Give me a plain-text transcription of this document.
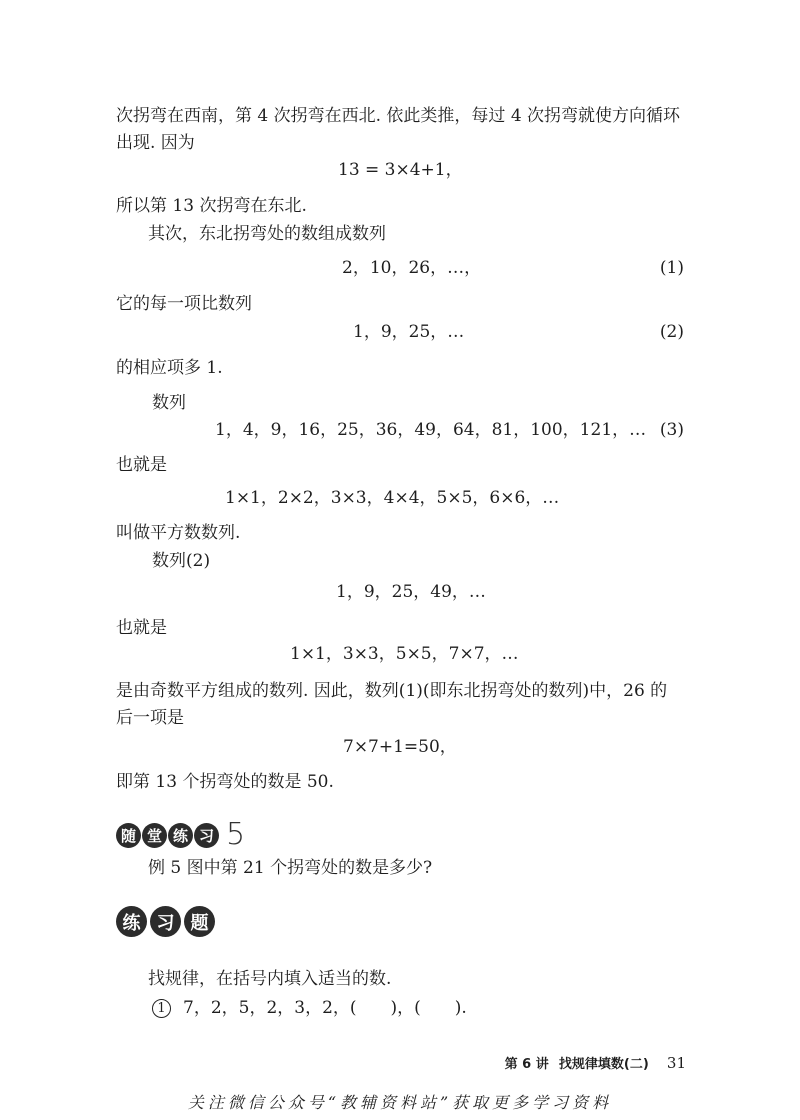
次拐弯在西南，第 4 次拐弯在西北. 依此类推，每过 4 次拐弯就使方向循环
出现. 因为
13 = 3×4+1，
所以第 13 次拐弯在东北.
其次，东北拐弯处的数组成数列
2，10，26，…，	(1)
它的每一项比数列
1，9，25，…	(2)
的相应项多 1.
数列
1，4，9，16，25，36，49，64，81，100，121，… (3)
也就是
1×1，2×2，3×3，4×4，5×5，6×6，…
叫做平方数数列.
数列(2)
1，9，25，49，…
也就是
1×1，3×3，5×5，7×7，…
是由奇数平方组成的数列. 因此，数列(1)(即东北拐弯处的数列)中，26 的
后一项是
7×7+1=50，
即第 13 个拐弯处的数是 50.
随 堂 练 习 5
例 5 图中第 21 个拐弯处的数是多少?
练 习 题
找规律，在括号内填入适当的数.
1 7，2，5，2，3，2，(　　)，(　　).
第 6 讲 找规律填数(二) 31
关注微信公众号“教辅资料站”获取更多学习资料
